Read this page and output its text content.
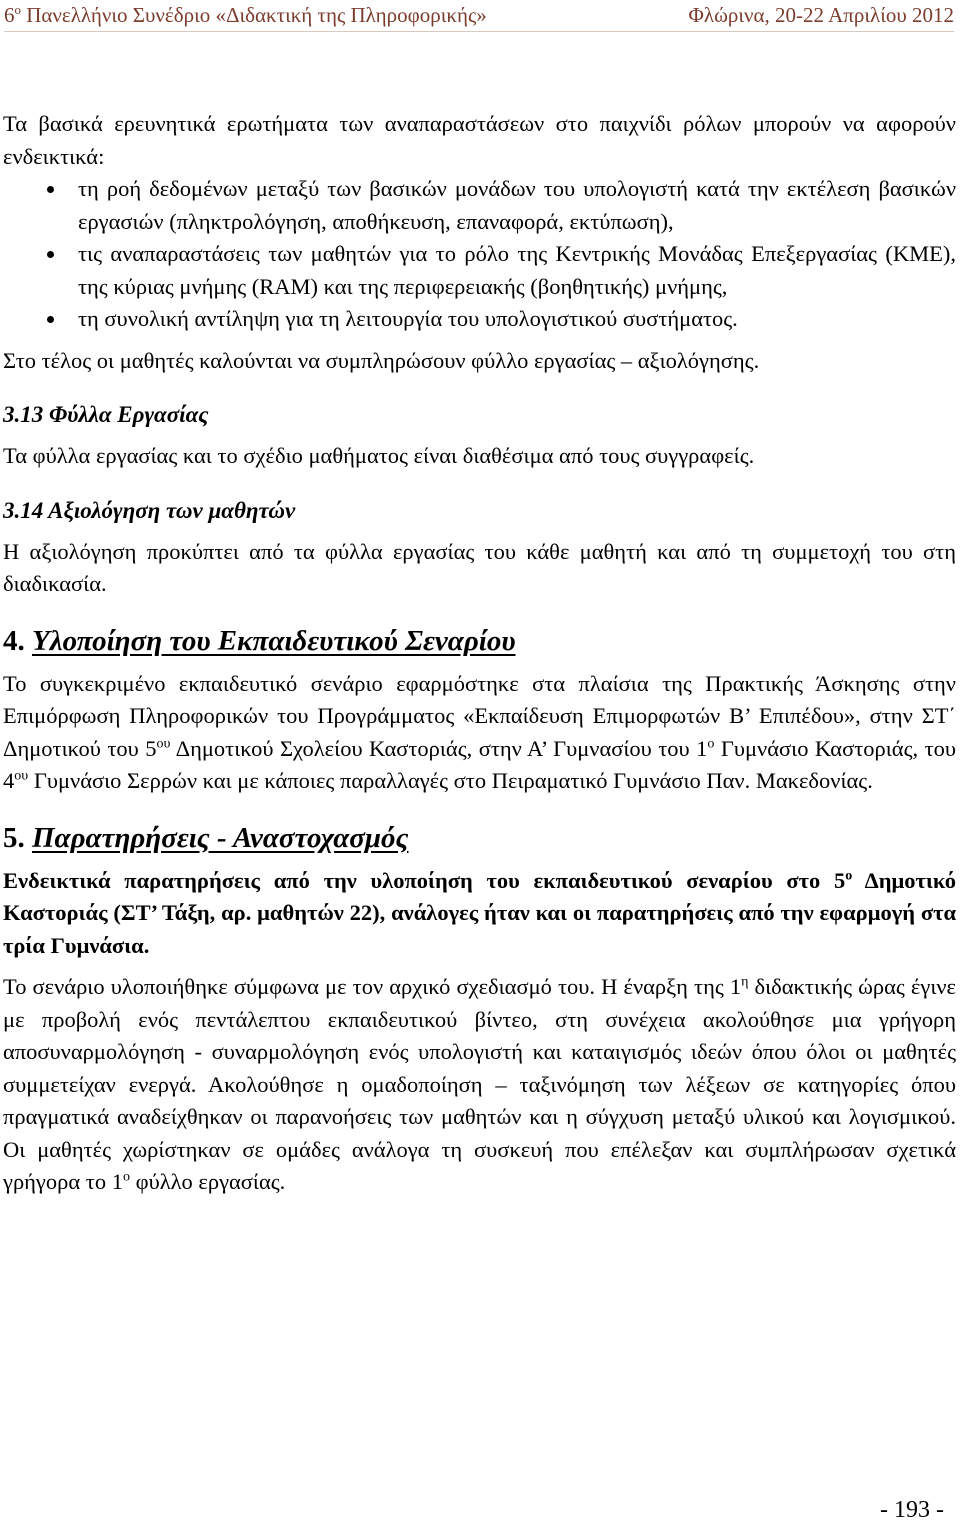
$6^o$ Πανελλήνιο Συνέδριο «Διδακτική της Πληροφορικής»	Φλώρινα, 20-22 Απριλίου 2012

Τα βασικά ερευνητικά ερωτήματα των αναπαραστάσεων στο παιχνίδι ρόλων μπορούν να αφορούν ενδεικτικά:

τη ροή δεδομένων μεταξύ των βασικών μονάδων του υπολογιστή κατά την εκτέλεση βασικών εργασιών (πληκτρολόγηση, αποθήκευση, επαναφορά, εκτύπωση),
τις αναπαραστάσεις των μαθητών για το ρόλο της Κεντρικής Μονάδας Επεξεργασίας (ΚΜΕ), της κύριας μνήμης (RAM) και της περιφερειακής (βοηθητικής) μνήμης,
τη συνολική αντίληψη για τη λειτουργία του υπολογιστικού συστήματος.

Στο τέλος οι μαθητές καλούνται να συμπληρώσουν φύλλο εργασίας – αξιολόγησης.

3.13 Φύλλα Εργασίας

Τα φύλλα εργασίας και το σχέδιο μαθήματος είναι διαθέσιμα από τους συγγραφείς.

3.14 Αξιολόγηση των μαθητών

Η αξιολόγηση προκύπτει από τα φύλλα εργασίας του κάθε μαθητή και από τη συμμετοχή του στη διαδικασία.

4. Υλοποίηση του Εκπαιδευτικού Σεναρίου

Το συγκεκριμένο εκπαιδευτικό σενάριο εφαρμόστηκε στα πλαίσια της Πρακτικής Άσκησης στην Επιμόρφωση Πληροφορικών του Προγράμματος «Εκπαίδευση Επιμορφωτών Β’ Επιπέδου», στην ΣΤ΄ Δημοτικού του $5^{o\upsilon}$ Δημοτικού Σχολείου Καστοριάς, στην Α’ Γυμνασίου του $1^o$ Γυμνάσιο Καστοριάς, του $4^{o\upsilon}$ Γυμνάσιο Σερρών και με κάποιες παραλλαγές στο Πειραματικό Γυμνάσιο Παν. Μακεδονίας.

5. Παρατηρήσεις - Αναστοχασμός

Ενδεικτικά παρατηρήσεις από την υλοποίηση του εκπαιδευτικού σεναρίου στο $5^o$ Δημοτικό Καστοριάς (ΣΤ’ Τάξη, αρ. μαθητών 22), ανάλογες ήταν και οι παρατηρήσεις από την εφαρμογή στα τρία Γυμνάσια.

Το σενάριο υλοποιήθηκε σύμφωνα με τον αρχικό σχεδιασμό του. Η έναρξη της $1^\eta$ διδακτικής ώρας έγινε με προβολή ενός πεντάλεπτου εκπαιδευτικού βίντεο, στη συνέχεια ακολούθησε μια γρήγορη αποσυναρμολόγηση - συναρμολόγηση ενός υπολογιστή και καταιγισμός ιδεών όπου όλοι οι μαθητές συμμετείχαν ενεργά. Ακολούθησε η ομαδοποίηση – ταξινόμηση των λέξεων σε κατηγορίες όπου πραγματικά αναδείχθηκαν οι παρανοήσεις των μαθητών και η σύγχυση μεταξύ υλικού και λογισμικού. Οι μαθητές χωρίστηκαν σε ομάδες ανάλογα τη συσκευή που επέλεξαν και συμπλήρωσαν σχετικά γρήγορα το $1^o$ φύλλο εργασίας.

- 193 -
